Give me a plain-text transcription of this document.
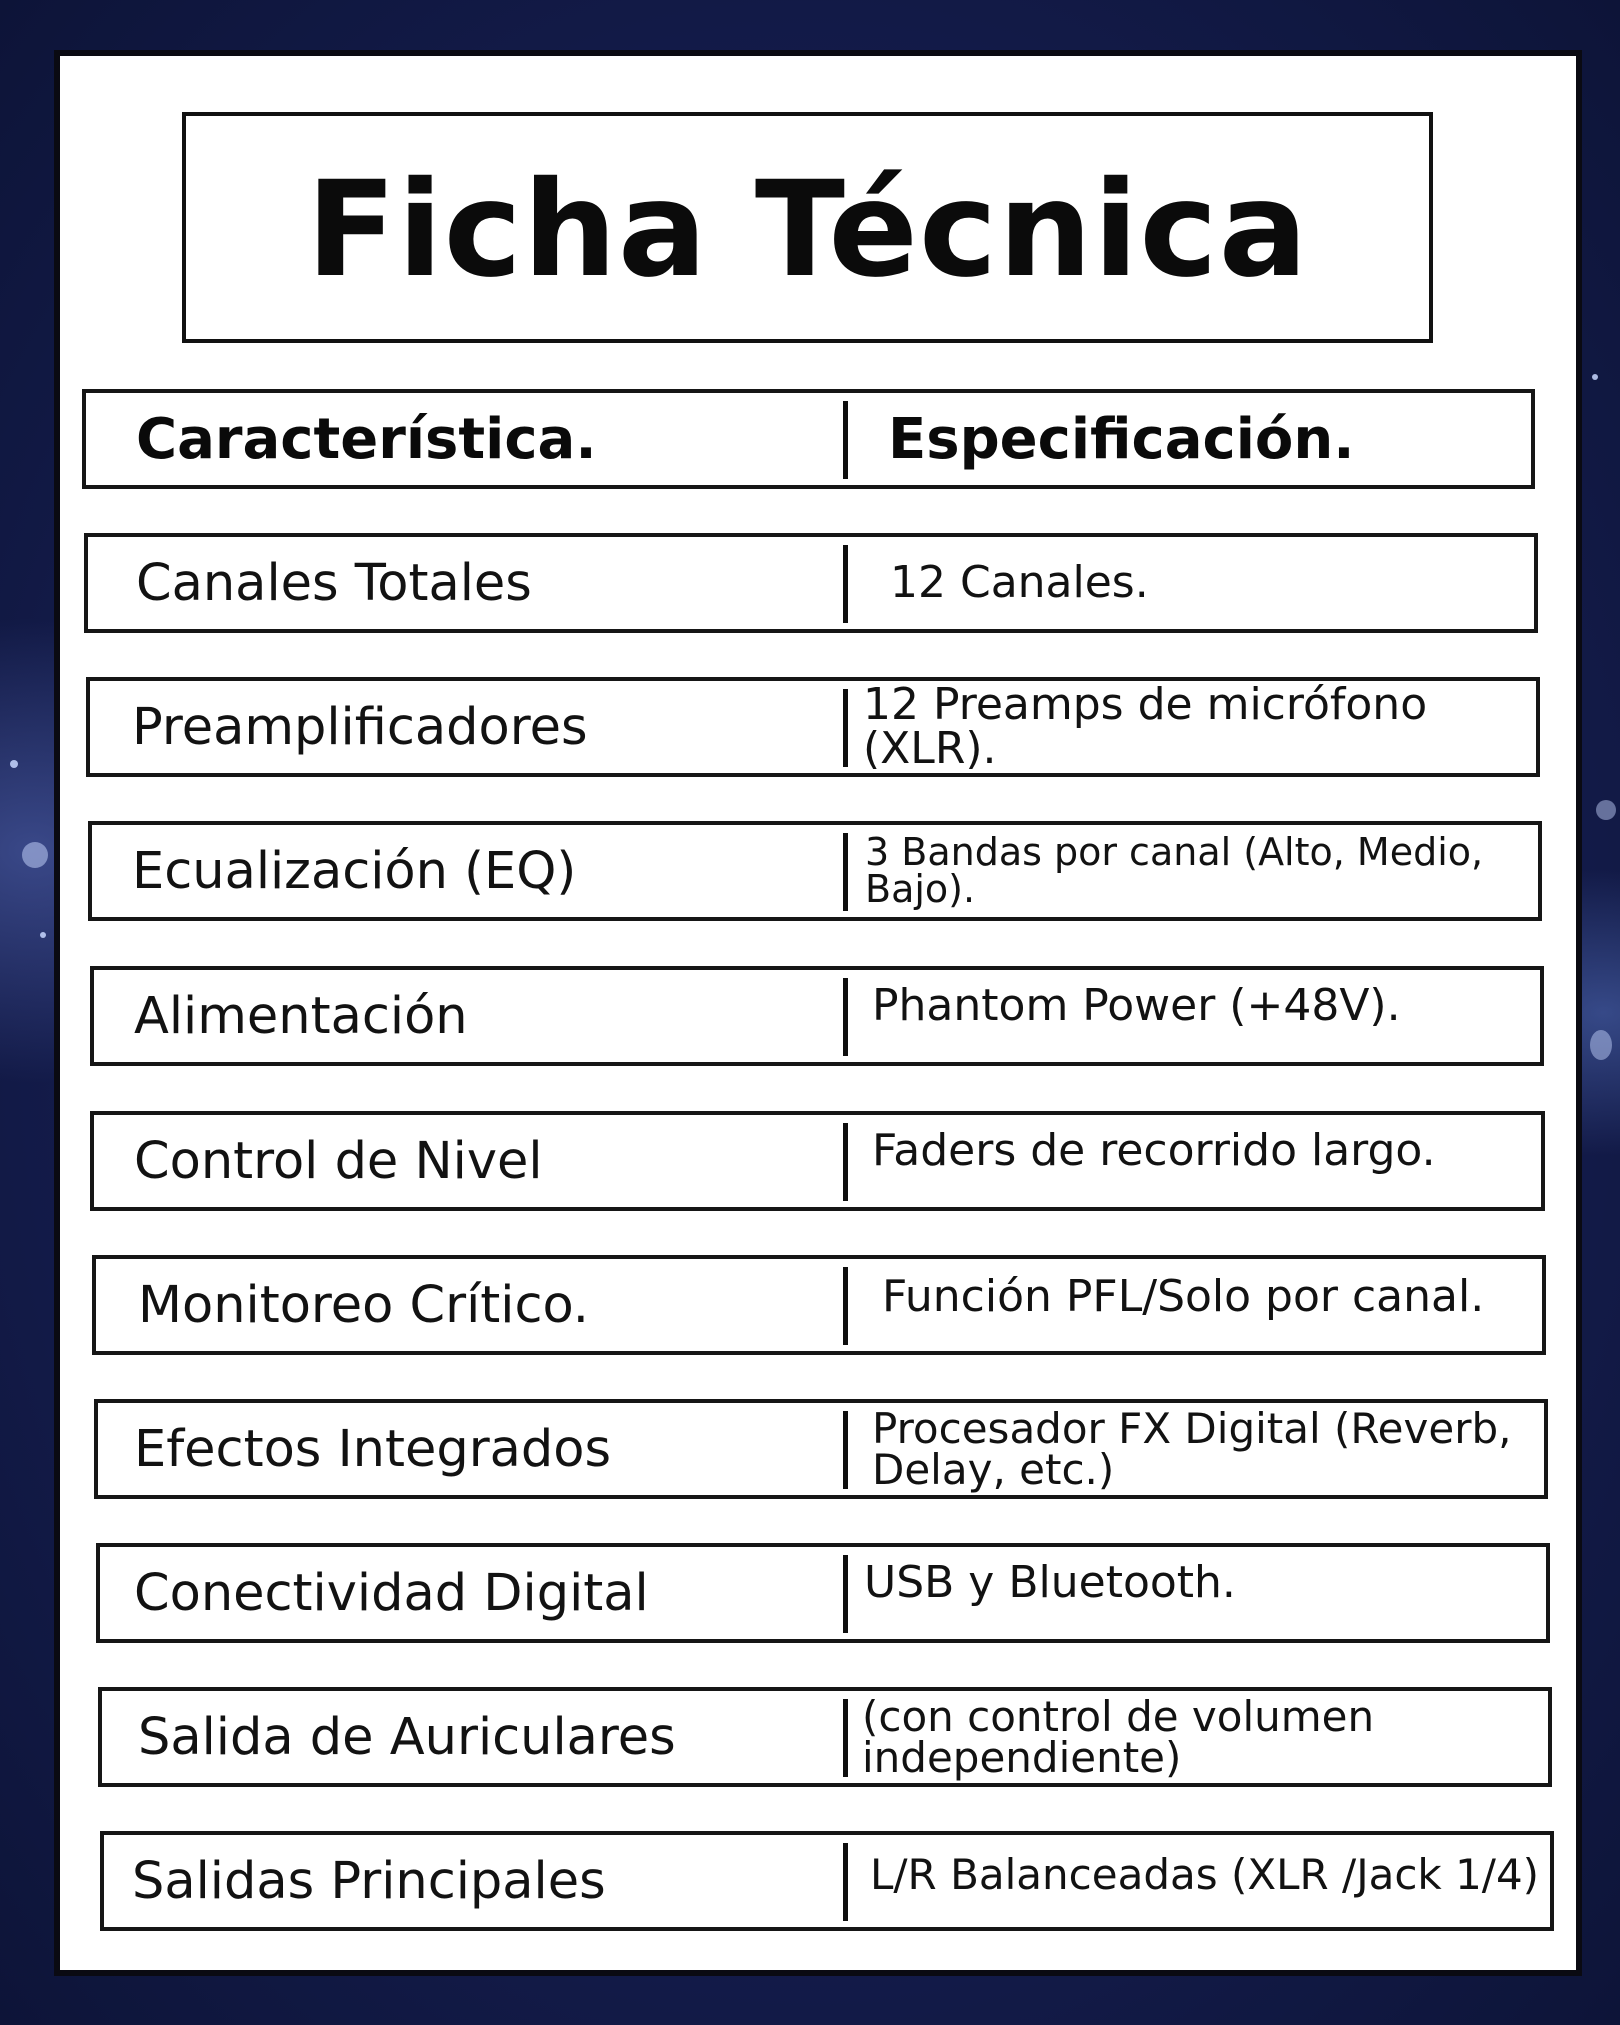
Ficha Técnica
Característica.	Especificación.
Canales Totales	12 Canales.
Preamplificadores	12 Preamps de micrófono (XLR).
Ecualización (EQ)	3 Bandas por canal (Alto, Medio, Bajo).
Alimentación	Phantom Power (+48V).
Control de Nivel	Faders de recorrido largo.
Monitoreo Crítico.	Función PFL/Solo por canal.
Efectos Integrados	Procesador FX Digital (Reverb, Delay, etc.)
Conectividad Digital	USB y Bluetooth.
Salida de Auriculares	(con control de volumen independiente)
Salidas Principales	L/R Balanceadas (XLR /Jack 1/4)
